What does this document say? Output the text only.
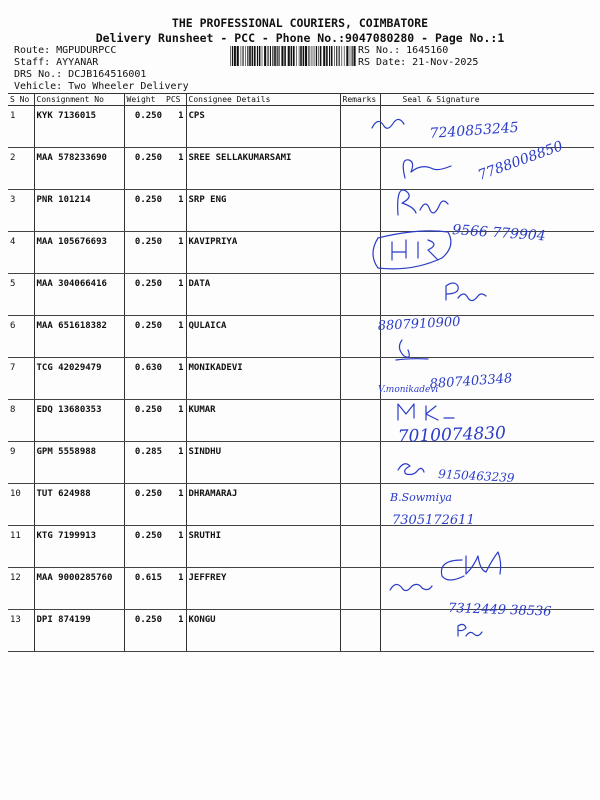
THE PROFESSIONAL COURIERS, COIMBATORE
Delivery Runsheet - PCC - Phone No.:9047080280 - Page No.:1
Route: MGPUDURPCC
Staff: AYYANAR
DRS No.: DCJB164516001
Vehicle: Two Wheeler Delivery
RS No.: 1645160
RS Date: 21-Nov-2025
S No	Consignment No	Weight	PCS	Consignee Details	Remarks	Seal & Signature

1	KYK 7136015	0.250	1	CPS		

2	MAA 578233690	0.250	1	SREE SELLAKUMARSAMI		

3	PNR 101214	0.250	1	SRP ENG		

4	MAA 105676693	0.250	1	KAVIPRIYA		

5	MAA 304066416	0.250	1	DATA		

6	MAA 651618382	0.250	1	QULAICA		

7	TCG 42029479	0.630	1	MONIKADEVI		

8	EDQ 13680353	0.250	1	KUMAR		

9	GPM 5558988	0.285	1	SINDHU		

10	TUT 624988	0.250	1	DHRAMARAJ		

11	KTG 7199913	0.250	1	SRUTHI		

12	MAA 9000285760	0.615	1	JEFFREY		

13	DPI 874199	0.250	1	KONGU		

7240853245
7788008850
9566 779904
8807910900
V.monikadevi
8807403348
7010074830
9150463239
B.Sowmiya
7305172611
7312449 38536
